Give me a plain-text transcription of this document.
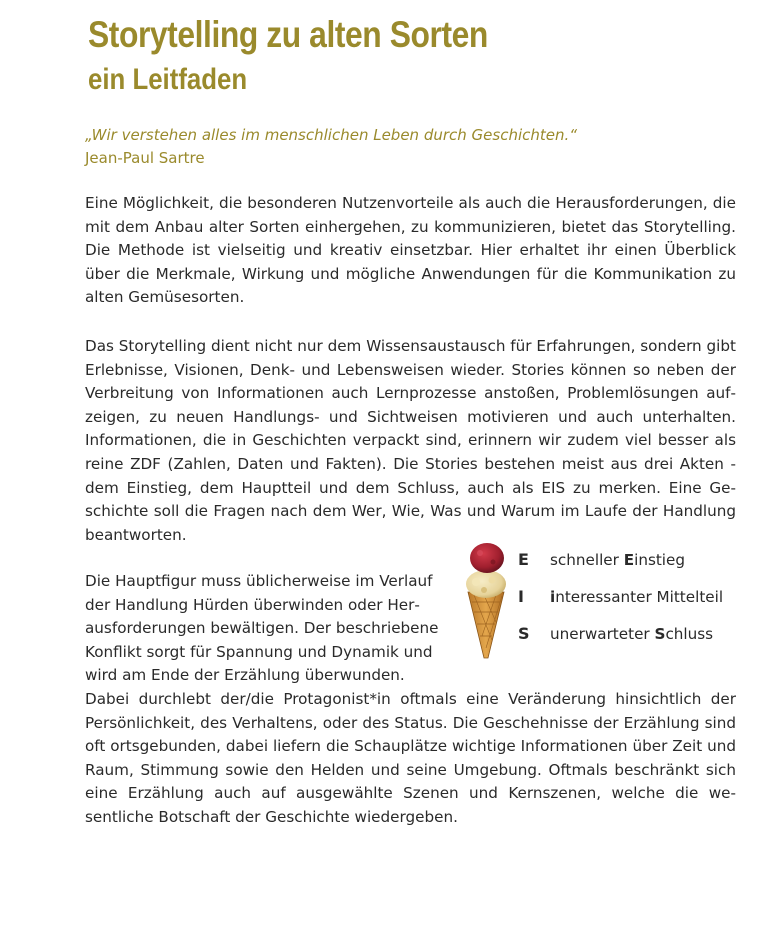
Storytelling zu alten Sorten
ein Leitfaden
„Wir verstehen alles im menschlichen Leben durch Geschichten.“
Jean-Paul Sartre

Eine Möglichkeit, die besonderen Nutzenvorteile als auch die Herausforderungen, die mit dem Anbau alter Sorten einhergehen, zu kommunizieren, bietet das Storytelling. Die Methode ist vielseitig und kreativ einsetzbar. Hier erhaltet ihr einen Überblick über die Merkmale, Wirkung und mögliche Anwendungen für die Kommunikation zu alten Gemüsesorten.

Das Storytelling dient nicht nur dem Wissensaustausch für Erfahrungen, sondern gibt Erlebnisse, Visionen, Denk- und Lebensweisen wieder. Stories können so neben der Verbreitung von Informationen auch Lernprozesse anstoßen, Problemlösungen aufzeigen, zu neuen Handlungs- und Sichtweisen motivieren und auch unterhalten. Informationen, die in Geschichten verpackt sind, erinnern wir zudem viel besser als reine ZDF (Zahlen, Daten und Fakten). Die Stories bestehen meist aus drei Akten - dem Einstieg, dem Hauptteil und dem Schluss, auch als EIS zu merken. Eine Geschichte soll die Fragen nach dem Wer, Wie, Was und Warum im Laufe der Handlung beantworten.

Die Hauptfigur muss üblicherweise im Verlauf der Handlung Hürden überwinden oder Herausforderungen bewältigen. Der beschriebene Konflikt sorgt für Spannung und Dynamik und wird am Ende der Erzählung überwunden.

Dabei durchlebt der/die Protagonist*in oftmals eine Veränderung hinsichtlich der Persönlichkeit, des Verhaltens, oder des Status. Die Geschehnisse der Erzählung sind oft ortsgebunden, dabei liefern die Schauplätze wichtige Informationen über Zeit und Raum, Stimmung sowie den Helden und seine Umgebung. Oftmals beschränkt sich eine Erzählung auch auf ausgewählte Szenen und Kernszenen, welche die wesentliche Botschaft der Geschichte wiedergeben.

E	schneller Einstieg
I	interessanter Mittelteil
S	unerwarteter Schluss
